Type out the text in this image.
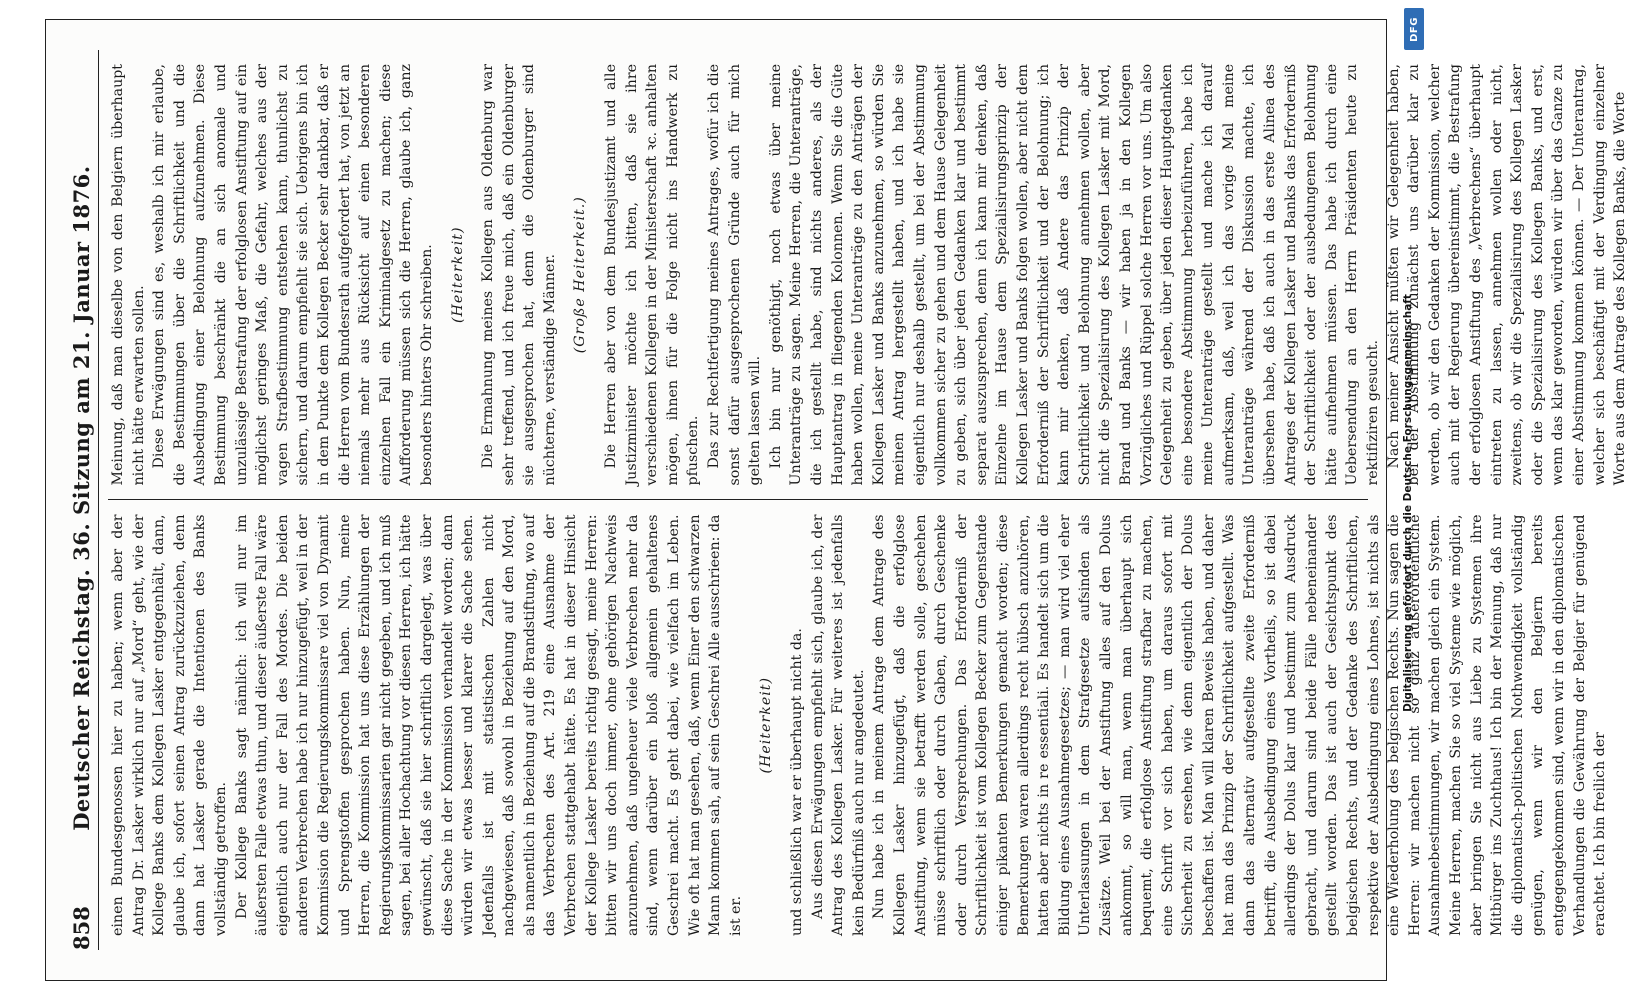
858
Deutscher Reichstag. 36. Sitzung am 21. Januar 1876. einen Bundesgenossen hier zu haben; wenn aber der Antrag Dr. Lasker wirklich nur auf „Mord“ geht, wie der Kollege Banks dem Kollegen Lasker entgegenhält, dann, glaube ich, sofort seinen Antrag zurückzuziehen, denn dann hat Lasker gerade die Intentionen des Banks vollständig getroffen. Der Kollege Banks sagt nämlich: ich will nur im äußersten Falle etwas thun, und dieser äußerste Fall wäre eigentlich auch nur der Fall des Mordes. Die beiden anderen Verbrechen habe ich nur hinzugefügt, weil in der Kommission die Regierungskommissare viel von Dynamit und Sprengstoffen gesprochen haben. Nun, meine Herren, die Kommission hat uns diese Erzählungen der Regierungskommissarien gar nicht gegeben, und ich muß sagen, bei aller Hochachtung vor diesen Herren, ich hätte gewünscht, daß sie hier schriftlich dargelegt, was über diese Sache in der Kommission verhandelt worden; dann würden wir etwas besser und klarer die Sache sehen. Jedenfalls ist mit statistischen Zahlen nicht nachgewiesen, daß sowohl in Beziehung auf den Mord, als namentlich in Beziehung auf die Brandstiftung, wo auf das Verbrechen des Art. 219 eine Ausnahme der Verbrechen stattgehabt hätte. Es hat in dieser Hinsicht der Kollege Lasker bereits richtig gesagt, meine Herren: bitten wir uns doch immer, ohne gehörigen Nachweis anzunehmen, daß ungeheuer viele Verbrechen mehr da sind, wenn darüber ein bloß allgemein gehaltenes Geschrei macht. Es geht dabei, wie vielfach im Leben. Wie oft hat man gesehen, daß, wenn Einer den schwarzen Mann kommen sah, auf sein Geschrei Alle ausschrieen: da ist er.

(Heiterkeit) und schließlich war er überhaupt nicht da. Aus diesen Erwägungen empfiehlt sich, glaube ich, der Antrag des Kollegen Lasker. Für weiteres ist jedenfalls kein Bedürfniß auch nur angedeutet. Nun habe ich in meinem Antrage dem Antrage des Kollegen Lasker hinzugefügt, daß die erfolglose Anstiftung, wenn sie betrafft werden solle, geschehen müsse schriftlich oder durch Gaben, durch Geschenke oder durch Versprechungen. Das Erforderniß der Schriftlichkeit ist vom Kollegen Becker zum Gegenstande einiger pikanten Bemerkungen gemacht worden; diese Bemerkungen waren allerdings recht hübsch anzuhören, hatten aber nichts in re essentiali. Es handelt sich um die Bildung eines Ausnahmegesetzes; — man wird viel eher Unterlassungen in dem Strafgesetze aufsinden als Zusätze. Weil bei der Anstiftung alles auf den Dolus ankommt, so will man, wenn man überhaupt sich bequemt, die erfolglose Anstiftung strafbar zu machen, eine Schrift vor sich haben, um daraus sofort mit Sicherheit zu ersehen, wie denn eigentlich der Dolus beschaffen ist. Man will klaren Beweis haben, und daher hat man das Prinzip der Schriftlichkeit aufgestellt. Was dann das alternativ aufgestellte zweite Erforderniß betrifft, die Ausbedingung eines Vortheils, so ist dabei allerdings der Dolus klar und bestimmt zum Ausdruck gebracht, und darum sind beide Fälle nebeneinander gestellt worden. Das ist auch der Gesichtspunkt des belgischen Rechts, und der Gedanke des Schriftlichen, respektive der Ausbedingung eines Lohnes, ist nichts als eine Wiederholung des belgischen Rechts. Nun sagen die Herren: wir machen nicht so ganz außerordentliche Ausnahmebestimmungen, wir machen gleich ein System. Meine Herren, machen Sie so viel Systeme wie möglich, aber bringen Sie nicht aus Liebe zu Systemen ihre Mitbürger ins Zuchthaus! Ich bin der Meinung, daß nur die diplomatisch-politischen Nothwendigkeit vollständig genügen, wenn wir den Belgiern bereits entgegengekommen sind, wenn wir in den diplomatischen Verhandlungen die Gewährung der Belgier für genügend erachtet. Ich bin freilich der

Meinung, daß man dieselbe von den Belgiern überhaupt nicht hätte erwarten sollen. Diese Erwägungen sind es, weshalb ich mir erlaube, die Bestimmungen über die Schriftlichkeit und die Ausbedingung einer Belohnung aufzunehmen. Diese Bestimmung beschränkt die an sich anomale und unzulässige Bestrafung der erfolglosen Anstiftung auf ein möglichst geringes Maß, die Gefahr, welches aus der vagen Strafbestimmung entstehen kann, thunlichst zu sichern, und darum empfiehlt sie sich. Uebrigens bin ich in dem Punkte dem Kollegen Becker sehr dankbar, daß er die Herren vom Bundesrath aufgefordert hat, von jetzt an niemals mehr aus Rücksicht auf einen besonderen einzelnen Fall ein Kriminalgesetz zu machen; diese Aufforderung müssen sich die Herren, glaube ich, ganz besonders hinters Ohr schreiben. (Heiterkeit) Die Ermahnung meines Kollegen aus Oldenburg war sehr treffend, und ich freue mich, daß ein Oldenburger sie ausgesprochen hat, denn die Oldenburger sind nüchterne, verständige Männer. (Große Heiterkeit.) Die Herren aber von dem Bundesjustizamt und alle Justizminister möchte ich bitten, daß sie ihre verschiedenen Kollegen in der Ministerschaft ꝛc. anhalten mögen, ihnen für die Folge nicht ins Handwerk zu pfuschen. Das zur Rechtfertigung meines Antrages, wofür ich die sonst dafür ausgesprochenen Gründe auch für mich gelten lassen will. Ich bin nur genöthigt, noch etwas über meine Unteranträge zu sagen. Meine Herren, die Unteranträge, die ich gestellt habe, sind nichts anderes, als der Hauptantrag in fliegenden Kolonnen. Wenn Sie die Güte haben wollen, meine Unteranträge zu den Anträgen der Kollegen Lasker und Banks anzunehmen, so würden Sie meinen Antrag hergestellt haben, und ich habe sie eigentlich nur deshalb gestellt, um bei der Abstimmung vollkommen sicher zu gehen und dem Hause Gelegenheit zu geben, sich über jeden Gedanken klar und bestimmt separat auszusprechen, denn ich kann mir denken, daß Einzelne im Hause dem Spezialisirungsprinzip der Kollegen Lasker und Banks folgen wollen, aber nicht dem Erforderniß der Schriftlichkeit und der Belohnung; ich kann mir denken, daß Andere das Prinzip der Schriftlichkeit und Belohnung annehmen wollen, aber nicht die Spezialisirung des Kollegen Lasker mit Mord, Brand und Banks — wir haben ja in den Kollegen Vorzügliches und Rüppel solche Herren vor uns. Um also Gelegenheit zu geben, über jeden dieser Hauptgedanken eine besondere Abstimmung herbeizuführen, habe ich meine Unteranträge gestellt und mache ich darauf aufmerksam, daß, weil ich das vorige Mal meine Unteranträge während der Diskussion machte, ich übersehen habe, daß ich auch in das erste Alinea des Antrages der Kollegen Lasker und Banks das Erforderniß der Schriftlichkeit oder der ausbedungenen Belohnung hätte aufnehmen müssen. Das habe ich durch eine Uebersendung an den Herrn Präsidenten heute zu rektifiziren gesucht. Nach meiner Ansicht müßten wir Gelegenheit haben, bei der Abstimmung zunächst uns darüber klar zu werden, ob wir den Gedanken der Kommission, welcher auch mit der Regierung übereinstimmt, die Bestrafung der erfolglosen Anstiftung des „Verbrechens“ überhaupt eintreten zu lassen, annehmen wollen oder nicht, zweitens, ob wir die Spezialisirung des Kollegen Lasker oder die Spezialisirung des Kollegen Banks, und erst, wenn das klar geworden, würden wir über das Ganze zu einer Abstimmung kommen können. — Der Unterantrag, welcher sich beschäftigt mit der Verdingung einzelner Worte aus dem Antrage des Kollegen Banks, die Worte

DFG
Digitalisierung gefördert durch die Deutsche Forschungsgemeinschaft
